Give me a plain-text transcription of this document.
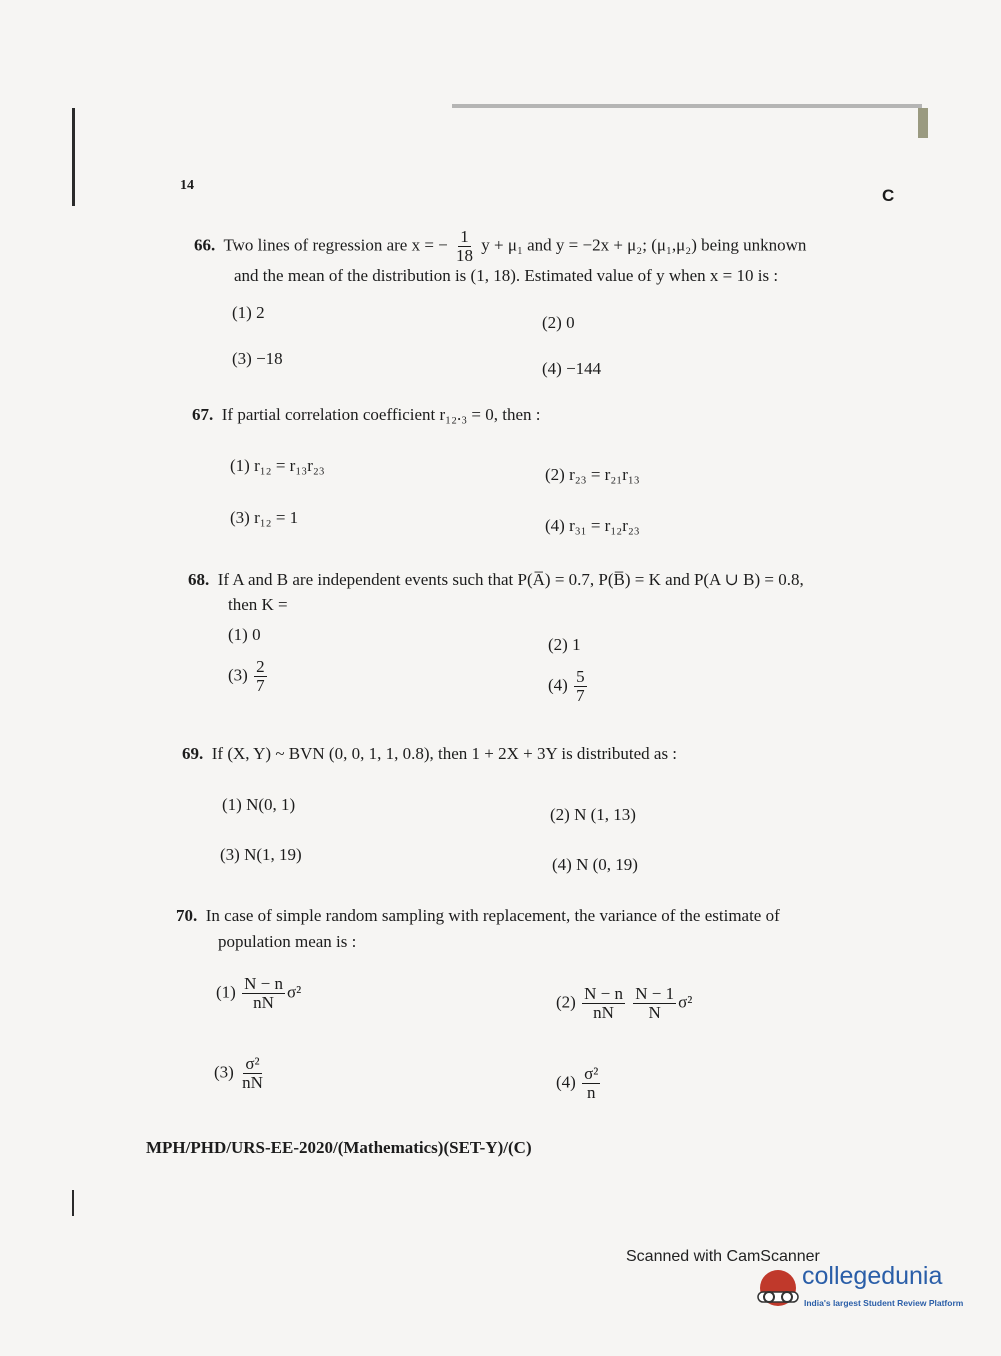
14
C
66. Two lines of regression are x = − $\frac{1}{18}$ y + μ₁ and y = −2x + μ₂; (μ₁,μ₂) being unknown
and the mean of the distribution is (1, 18). Estimated value of y when x = 10 is :
(1) 2
(2) 0
(3) −18
(4) −144
67. If partial correlation coefficient r₁₂.₃ = 0, then :
(1) r₁₂ = r₁₃r₂₃	(2) r₂₃ = r₂₁r₁₃
(3) r₁₂ = 1	(4) r₃₁ = r₁₂r₂₃
68. If A and B are independent events such that P(A̅) = 0.7, P(B̅) = K and P(A ∪ B) = 0.8,
then K =
(1) 0
(2) 1
$(3) \frac{2}{7}$	$(4) \frac{5}{7}$
69. If (X, Y) ~ BVN (0, 0, 1, 1, 0.8), then 1 + 2X + 3Y is distributed as :
(1) N(0, 1)
(2) N (1, 13)
(3) N(1, 19)
(4) N (0, 19)
70. In case of simple random sampling with replacement, the variance of the estimate of
population mean is :
$(1) \frac{N - n}{nN} \sigma^2$
$(2) \frac{N - n}{nN}$
$\frac{N - 1}{N} \sigma^2$
$(3) \frac{\text{σ²}}{nN}$	$(4) \frac{\text{σ²}}{n}$
MPH/PHD/URS-EE-2020/(Mathematics)(SET-Y)/(C)
Scanned with CamScanner
collegedunia
India's largest Student Review Platform
